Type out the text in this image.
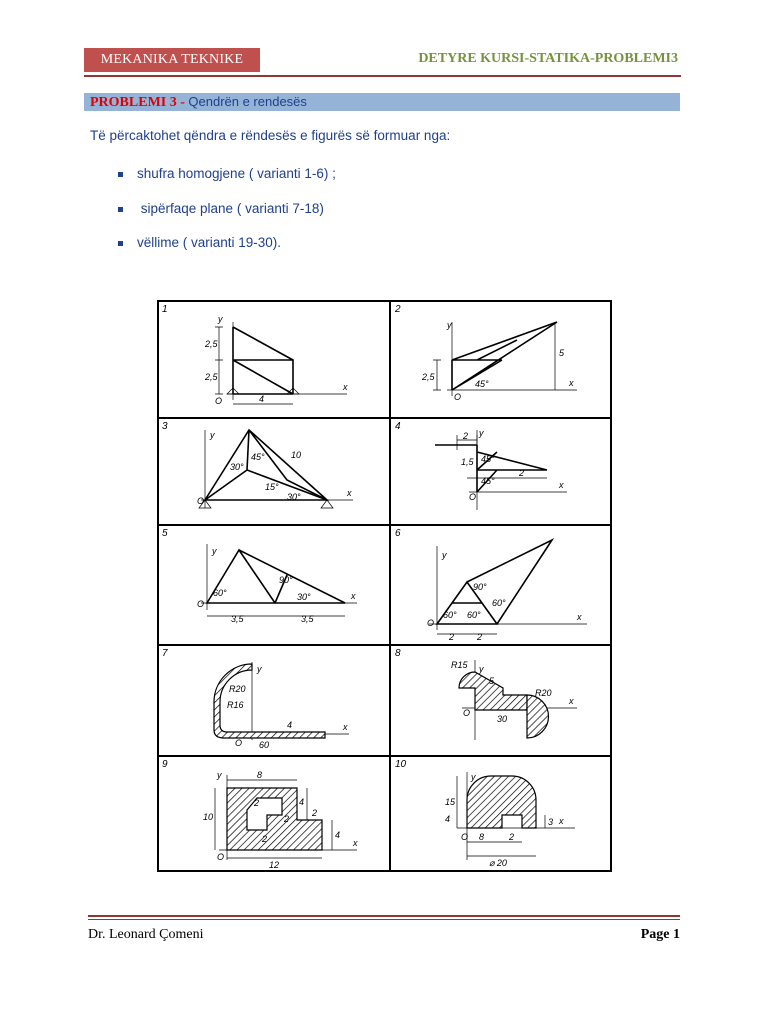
MEKANIKA TEKNIKE	DETYRE KURSI-STATIKA-PROBLEMI3
PROBLEMI 3 - Qendrën e rendesës
Të përcaktohet qëndra e rëndesës e figurës së formuar nga:
shufra homogjene ( varianti 1-6) ;
sipërfaqe plane ( varianti 7-18)
vëllime ( varianti 19-30).
1	2
3	4
5	6
7	8
9	10
y
x
O
2,5
2,5
4
y
x
O
2,5
5
45°
y
x
O
45°
30°
15°
30°
10
y
x
O
2
1,5
2
45°
45°
y
x
O
60°
90°
30°
3,5	3,5
y
x
O
90°
60° 60°
60°
2	2
y
x
O
R20
R16
4
60
y
x
O
R15
R20
5
30
y
x
O
8
4
2
2
2
10
4
12
2
y
x
O
15
4	3
8	2
⌀ 20
Dr. Leonard Çomeni	Page 1
